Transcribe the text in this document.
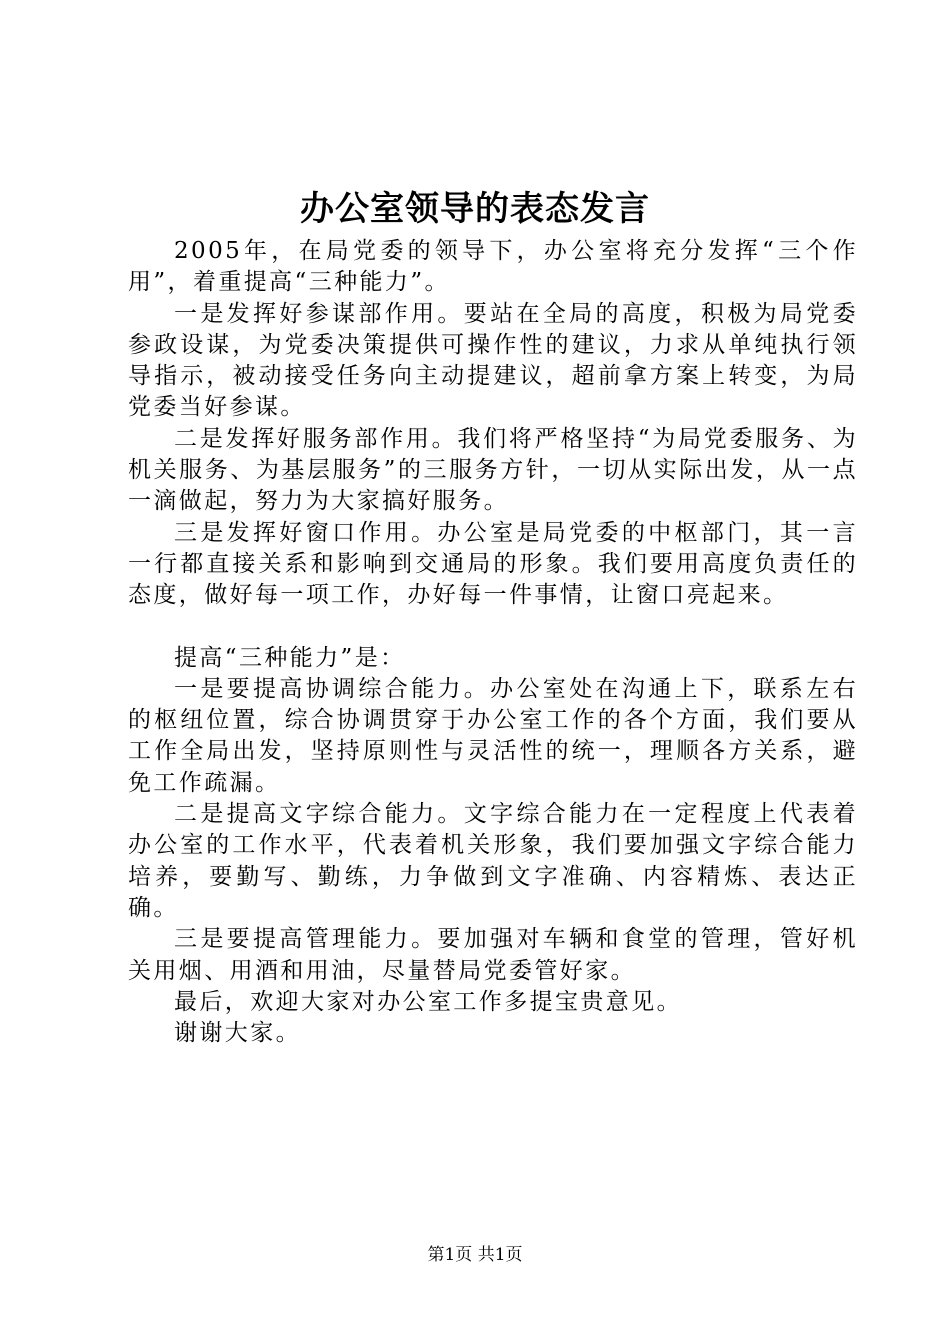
办公室领导的表态发言

2005年，在局党委的领导下，办公室将充分发挥“三个作用”，着重提高“三种能力”。

一是发挥好参谋部作用。要站在全局的高度，积极为局党委参政设谋，为党委决策提供可操作性的建议，力求从单纯执行领导指示，被动接受任务向主动提建议，超前拿方案上转变，为局党委当好参谋。

二是发挥好服务部作用。我们将严格坚持“为局党委服务、为机关服务、为基层服务”的三服务方针，一切从实际出发，从一点一滴做起，努力为大家搞好服务。

三是发挥好窗口作用。办公室是局党委的中枢部门，其一言一行都直接关系和影响到交通局的形象。我们要用高度负责任的态度，做好每一项工作，办好每一件事情，让窗口亮起来。

提高“三种能力”是：

一是要提高协调综合能力。办公室处在沟通上下，联系左右的枢纽位置，综合协调贯穿于办公室工作的各个方面，我们要从工作全局出发，坚持原则性与灵活性的统一，理顺各方关系，避免工作疏漏。

二是提高文字综合能力。文字综合能力在一定程度上代表着办公室的工作水平，代表着机关形象，我们要加强文字综合能力培养，要勤写、勤练，力争做到文字准确、内容精炼、表达正确。

三是要提高管理能力。要加强对车辆和食堂的管理，管好机关用烟、用酒和用油，尽量替局党委管好家。

最后，欢迎大家对办公室工作多提宝贵意见。

谢谢大家。

第1页 共1页
